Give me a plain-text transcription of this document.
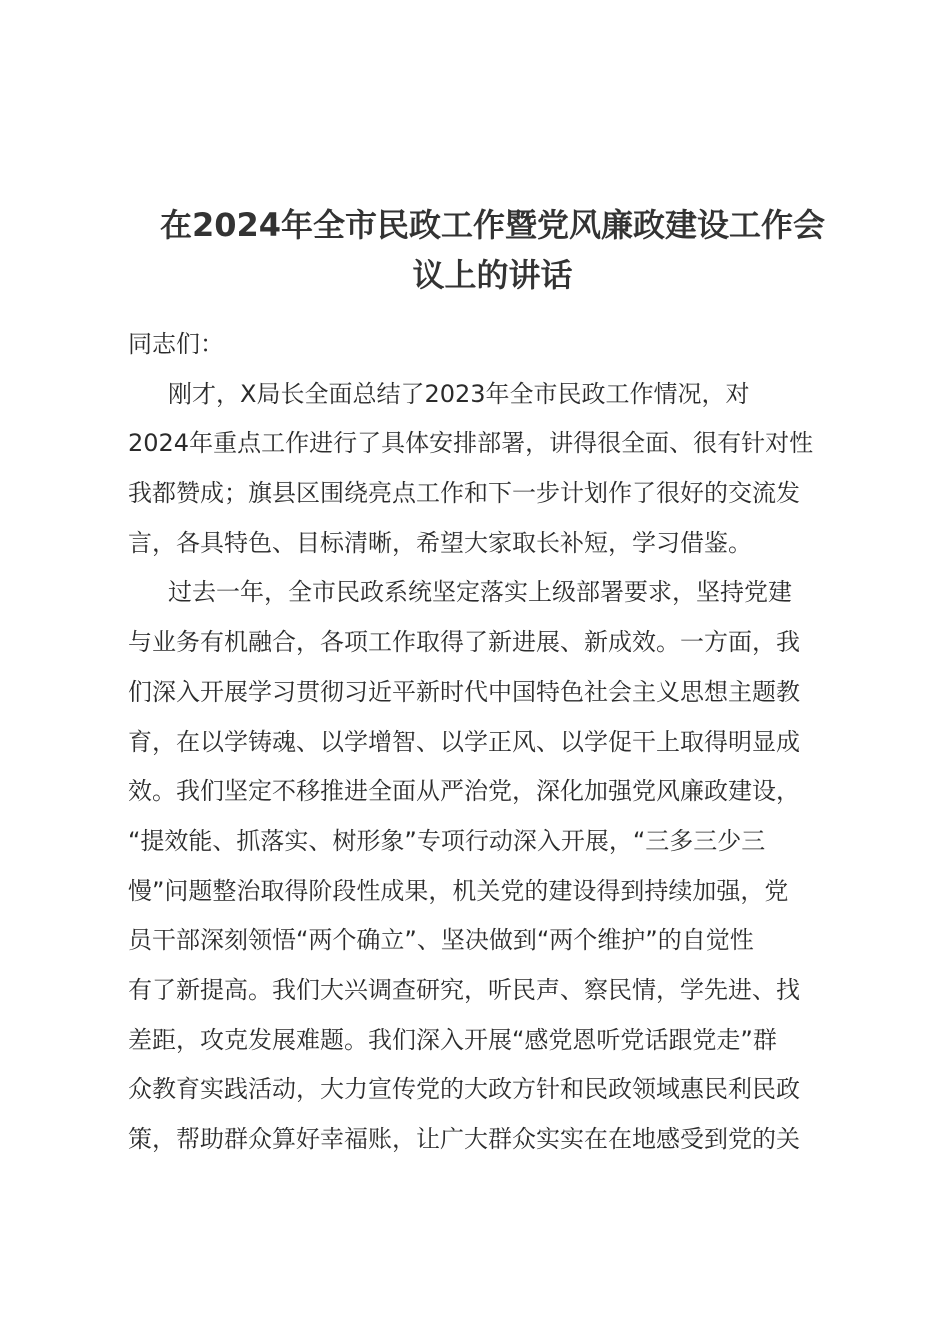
在2024年全市民政工作暨党风廉政建设工作会
议上的讲话
同志们：
刚才，X局长全面总结了2023年全市民政工作情况，对
2024年重点工作进行了具体安排部署，讲得很全面、很有针对性
我都赞成；旗县区围绕亮点工作和下一步计划作了很好的交流发
言，各具特色、目标清晰，希望大家取长补短，学习借鉴。
过去一年，全市民政系统坚定落实上级部署要求，坚持党建
与业务有机融合，各项工作取得了新进展、新成效。一方面，我
们深入开展学习贯彻习近平新时代中国特色社会主义思想主题教
育，在以学铸魂、以学增智、以学正风、以学促干上取得明显成
效。我们坚定不移推进全面从严治党，深化加强党风廉政建设，
“提效能、抓落实、树形象”专项行动深入开展，“三多三少三
慢”问题整治取得阶段性成果，机关党的建设得到持续加强，党
员干部深刻领悟“两个确立”、坚决做到“两个维护”的自觉性
有了新提高。我们大兴调查研究，听民声、察民情，学先进、找
差距，攻克发展难题。我们深入开展“感党恩听党话跟党走”群
众教育实践活动，大力宣传党的大政方针和民政领域惠民利民政
策，帮助群众算好幸福账，让广大群众实实在在地感受到党的关
